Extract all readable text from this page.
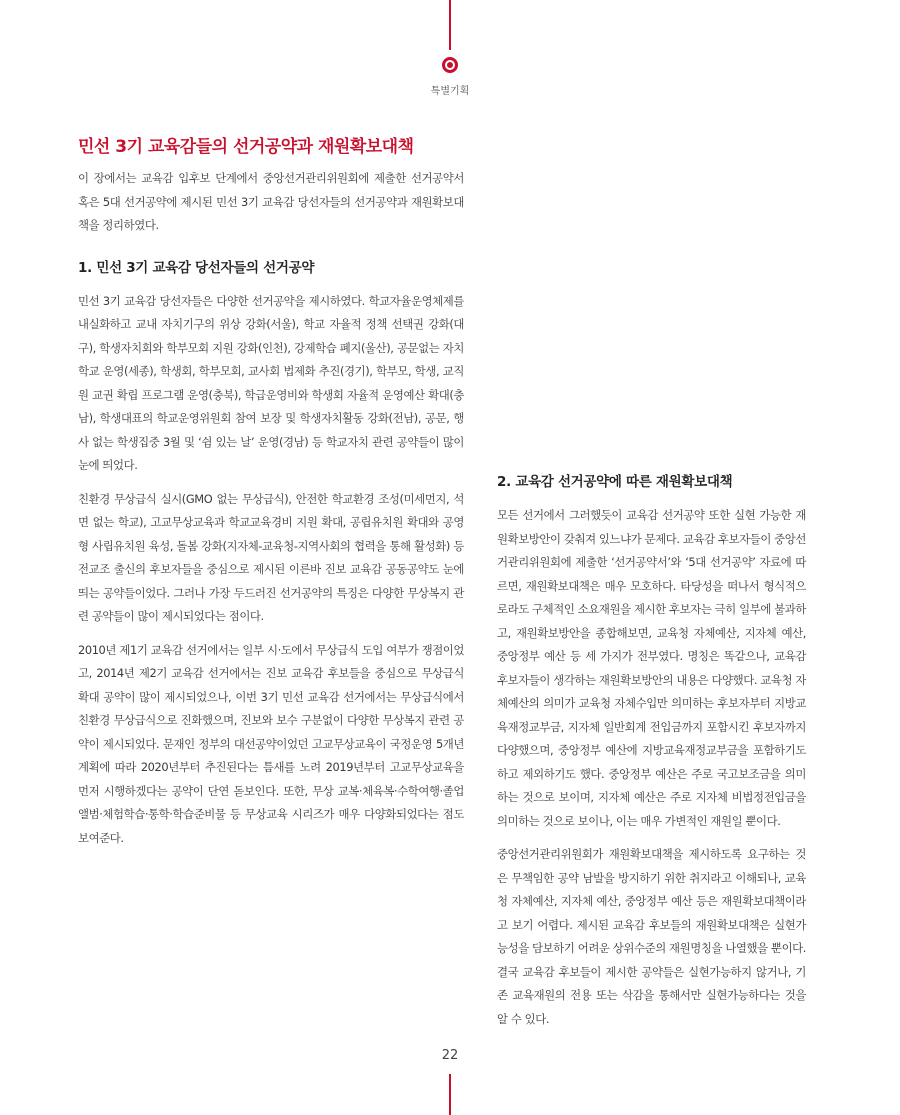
특별기획
민선 3기 교육감들의 선거공약과 재원확보대책

이 장에서는 교육감 입후보 단계에서 중앙선거관리위원회에 제출한 선거공약서 혹은 5대 선거공약에 제시된 민선 3기 교육감 당선자들의 선거공약과 재원확보대책을 정리하였다.

1. 민선 3기 교육감 당선자들의 선거공약

민선 3기 교육감 당선자들은 다양한 선거공약을 제시하였다. 학교자율운영체제를 내실화하고 교내 자치기구의 위상 강화(서울), 학교 자율적 정책 선택권 강화(대구), 학생자치회와 학부모회 지원 강화(인천), 강제학습 폐지(울산), 공문없는 자치학교 운영(세종), 학생회, 학부모회, 교사회 법제화 추진(경기), 학부모, 학생, 교직원 교권 확립 프로그램 운영(충북), 학급운영비와 학생회 자율적 운영예산 확대(충남), 학생대표의 학교운영위원회 참여 보장 및 학생자치활동 강화(전남), 공문, 행사 없는 학생집중 3월 및 ‘쉼 있는 날’ 운영(경남) 등 학교자치 관련 공약들이 많이 눈에 띄었다.

친환경 무상급식 실시(GMO 없는 무상급식), 안전한 학교환경 조성(미세먼지, 석면 없는 학교), 고교무상교육과 학교교육경비 지원 확대, 공립유치원 확대와 공영형 사립유치원 육성, 돌봄 강화(지자체-교육청-지역사회의 협력을 통해 활성화) 등 전교조 출신의 후보자들을 중심으로 제시된 이른바 진보 교육감 공동공약도 눈에 띄는 공약들이었다. 그러나 가장 두드러진 선거공약의 특징은 다양한 무상복지 관련 공약들이 많이 제시되었다는 점이다.

2010년 제1기 교육감 선거에서는 일부 시·도에서 무상급식 도입 여부가 쟁점이었고, 2014년 제2기 교육감 선거에서는 진보 교육감 후보들을 중심으로 무상급식 확대 공약이 많이 제시되었으나, 이번 3기 민선 교육감 선거에서는 무상급식에서 친환경 무상급식으로 진화했으며, 진보와 보수 구분없이 다양한 무상복지 관련 공약이 제시되었다. 문재인 정부의 대선공약이었던 고교무상교육이 국정운영 5개년계획에 따라 2020년부터 추진된다는 틈새를 노려 2019년부터 고교무상교육을 먼저 시행하겠다는 공약이 단연 돋보인다. 또한, 무상 교복·체육복·수학여행·졸업앨범·체험학습·통학·학습준비물 등 무상교육 시리즈가 매우 다양화되었다는 점도 보여준다.

2. 교육감 선거공약에 따른 재원확보대책

모든 선거에서 그러했듯이 교육감 선거공약 또한 실현 가능한 재원확보방안이 갖춰져 있느냐가 문제다. 교육감 후보자들이 중앙선거관리위원회에 제출한 ‘선거공약서’와 ‘5대 선거공약’ 자료에 따르면, 재원확보대책은 매우 모호하다. 타당성을 떠나서 형식적으로라도 구체적인 소요재원을 제시한 후보자는 극히 일부에 불과하고, 재원확보방안을 종합해보면, 교육청 자체예산, 지자체 예산, 중앙정부 예산 등 세 가지가 전부였다. 명칭은 똑같으나, 교육감 후보자들이 생각하는 재원확보방안의 내용은 다양했다. 교육청 자체예산의 의미가 교육청 자체수입만 의미하는 후보자부터 지방교육재정교부금, 지자체 일반회계 전입금까지 포함시킨 후보자까지 다양했으며, 중앙정부 예산에 지방교육재정교부금을 포함하기도 하고 제외하기도 했다. 중앙정부 예산은 주로 국고보조금을 의미하는 것으로 보이며, 지자체 예산은 주로 지자체 비법정전입금을 의미하는 것으로 보이나, 이는 매우 가변적인 재원일 뿐이다.

중앙선거관리위원회가 재원확보대책을 제시하도록 요구하는 것은 무책임한 공약 남발을 방지하기 위한 취지라고 이해되나, 교육청 자체예산, 지자체 예산, 중앙정부 예산 등은 재원확보대책이라고 보기 어렵다. 제시된 교육감 후보들의 재원확보대책은 실현가능성을 담보하기 어려운 상위수준의 재원명칭을 나열했을 뿐이다. 결국 교육감 후보들이 제시한 공약들은 실현가능하지 않거나, 기존 교육재원의 전용 또는 삭감을 통해서만 실현가능하다는 것을 알 수 있다.

22
